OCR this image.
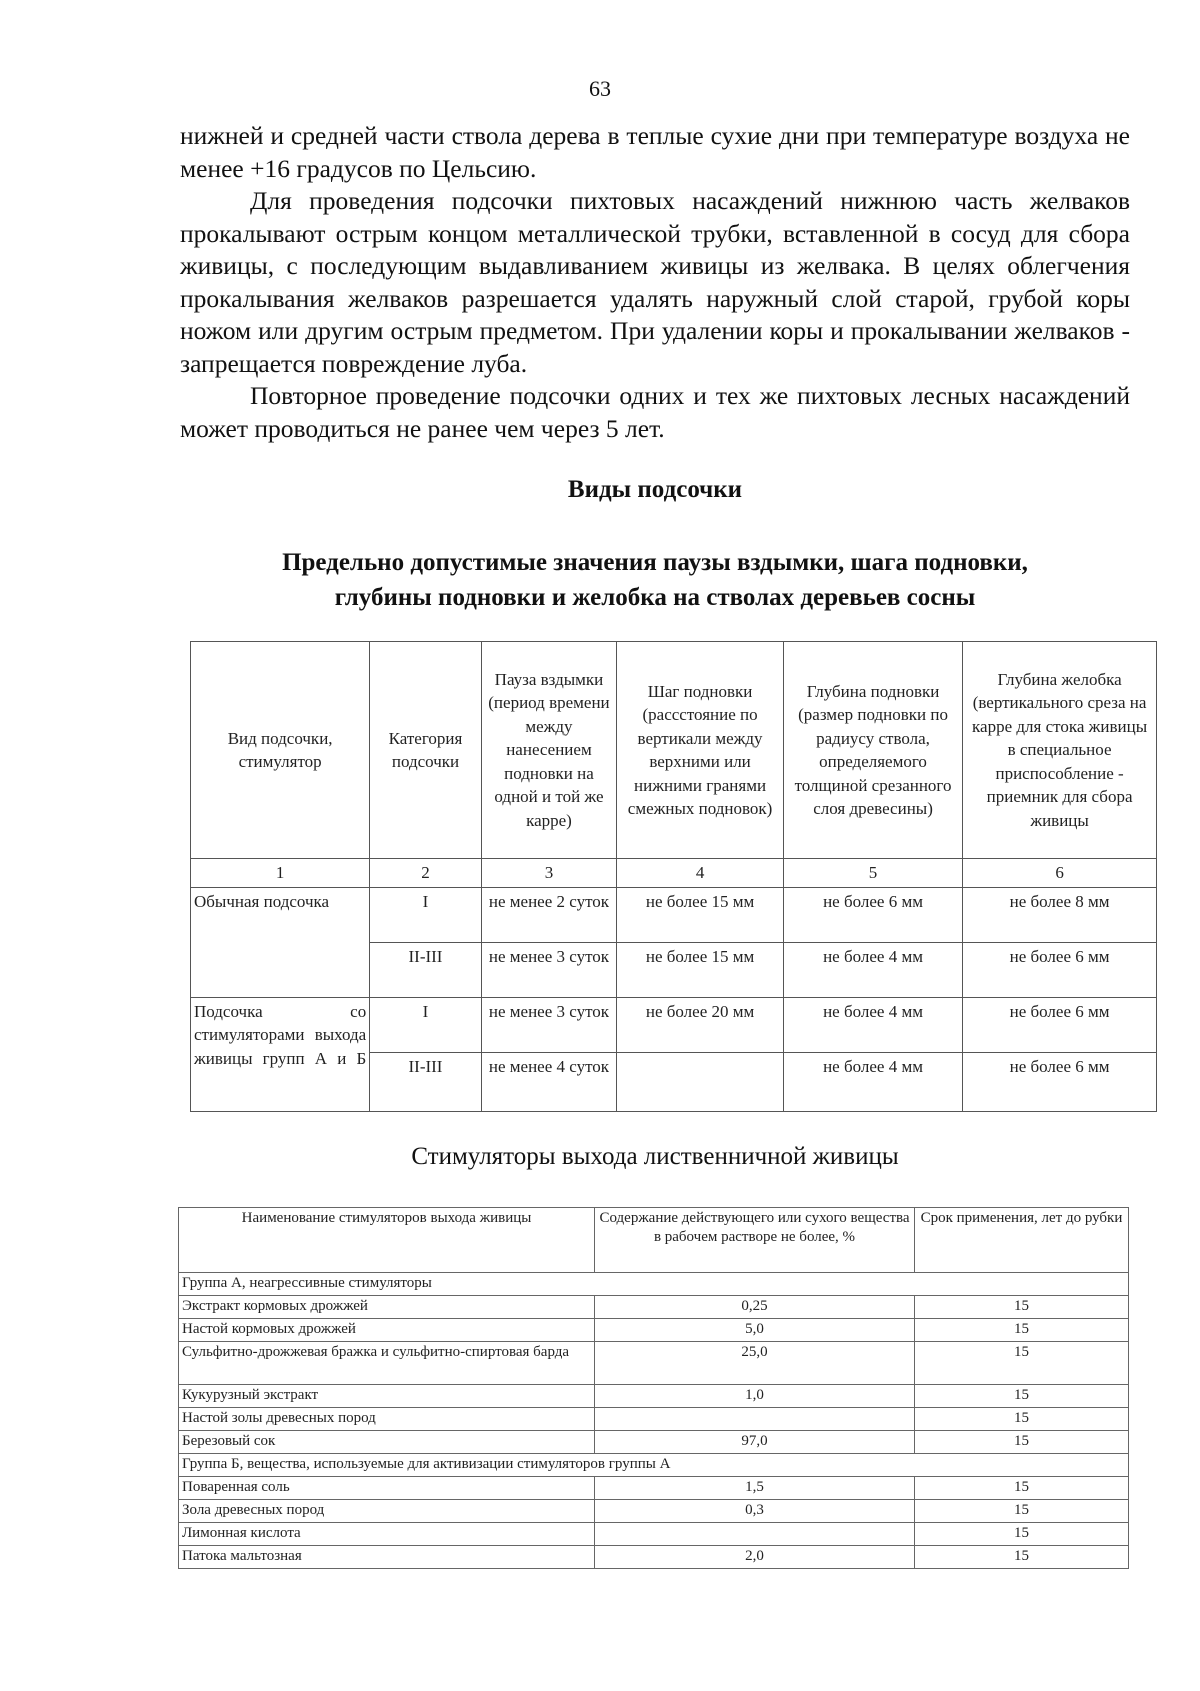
63

нижней и средней части ствола дерева в теплые сухие дни при температуре воздуха не менее +16 градусов по Цельсию.

Для проведения подсочки пихтовых насаждений нижнюю часть желваков прокалывают острым концом металлической трубки, вставленной в сосуд для сбора живицы, с последующим выдавливанием живицы из желвака. В целях облегчения прокалывания желваков разрешается удалять наружный слой старой, грубой коры ножом или другим острым предметом. При удалении коры и прокалывании желваков - запрещается повреждение луба.

Повторное проведение подсочки одних и тех же пихтовых лесных насаждений может проводиться не ранее чем через 5 лет.

Виды подсочки
Предельно допустимые значения паузы вздымки, шага подновки,
глубины подновки и желобка на стволах деревьев сосны
Вид подсочки, стимулятор	Категория подсочки	Пауза вздымки (период времени между нанесением подновки на одной и той же карре)	Шаг подновки (рассстояние по вертикали между верхними или нижними гранями смежных подновок)	Глубина подновки (размер подновки по радиусу ствола, определяемого толщиной срезанного слоя древесины)	Глубина желобка (вертикального среза на карре для стока живицы в специальное приспособление - приемник для сбора живицы
1	2	3	4	5	6
Обычная подсочка	I	не менее 2 суток	не более 15 мм	не более 6 мм	не более 8 мм
	II-III	не менее 3 суток	не более 15 мм	не более 4 мм	не более 6 мм
Подсочка со стимуляторами выхода живицы групп А и Б	I	не менее 3 суток	не более 20 мм	не более 4 мм	не более 6 мм
	II-III	не менее 4 суток		не более 4 мм	не более 6 мм
Стимуляторы выхода лиственничной живицы
Наименование стимуляторов выхода живицы	Содержание действующего или сухого вещества в рабочем растворе не более, %	Срок применения, лет до рубки
Группа А, неагрессивные стимуляторы		
Экстракт кормовых дрожжей	0,25	15
Настой кормовых дрожжей	5,0	15
Сульфитно-дрожжевая бражка и сульфитно-спиртовая барда	25,0	15
Кукурузный экстракт	1,0	15
Настой золы древесных пород		15
Березовый сок	97,0	15
Группа Б, вещества, используемые для активизации стимуляторов группы А		
Поваренная соль	1,5	15
Зола древесных пород	0,3	15
Лимонная кислота		15
Патока мальтозная	2,0	15
